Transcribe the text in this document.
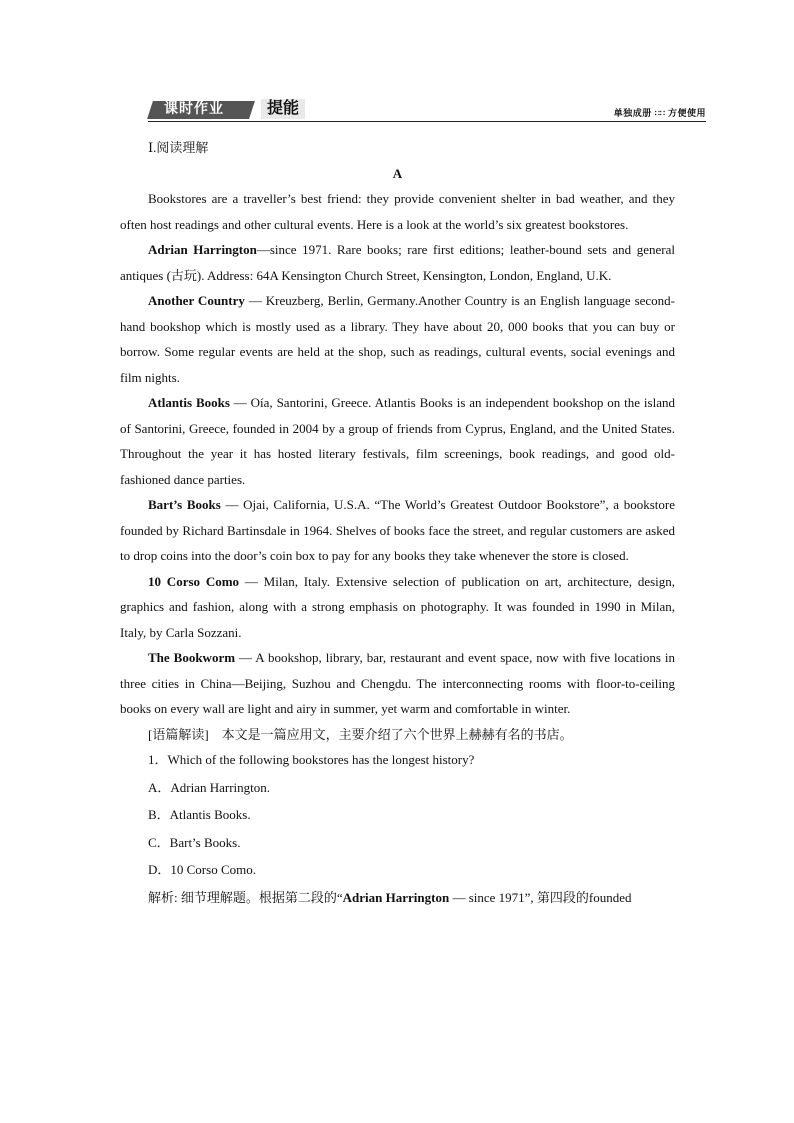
课时作业	提能	单独成册 ∷∷ 方便使用

Ⅰ.阅读理解

A

Bookstores are a traveller’s best friend: they provide convenient shelter in bad weather, and they often host readings and other cultural events. Here is a look at the world’s six greatest bookstores.

Adrian Harrington—since 1971. Rare books; rare first editions; leather-bound sets and general antiques (古玩). Address: 64A Kensington Church Street, Kensington, London, England, U.K.

Another Country — Kreuzberg, Berlin, Germany.Another Country is an English language second-hand bookshop which is mostly used as a library. They have about 20, 000 books that you can buy or borrow. Some regular events are held at the shop, such as readings, cultural events, social evenings and film nights.

Atlantis Books — Oía, Santorini, Greece. Atlantis Books is an independent bookshop on the island of Santorini, Greece, founded in 2004 by a group of friends from Cyprus, England, and the United States. Throughout the year it has hosted literary festivals, film screenings, book readings, and good old-fashioned dance parties.

Bart’s Books — Ojai, California, U.S.A. “The World’s Greatest Outdoor Bookstore”, a bookstore founded by Richard Bartinsdale in 1964. Shelves of books face the street, and regular customers are asked to drop coins into the door’s coin box to pay for any books they take whenever the store is closed.

10 Corso Como — Milan, Italy. Extensive selection of publication on art, architecture, design, graphics and fashion, along with a strong emphasis on photography. It was founded in 1990 in Milan, Italy, by Carla Sozzani.

The Bookworm — A bookshop, library, bar, restaurant and event space, now with five locations in three cities in China—Beijing, Suzhou and Chengdu. The interconnecting rooms with floor-to-ceiling books on every wall are light and airy in summer, yet warm and comfortable in winter.

[语篇解读]　本文是一篇应用文，主要介绍了六个世界上赫赫有名的书店。

1．Which of the following bookstores has the longest history?

A．Adrian Harrington.

B．Atlantis Books.

C．Bart’s Books.

D．10 Corso Como.

解析: 细节理解题。根据第二段的“Adrian Harrington — since 1971”, 第四段的founded
